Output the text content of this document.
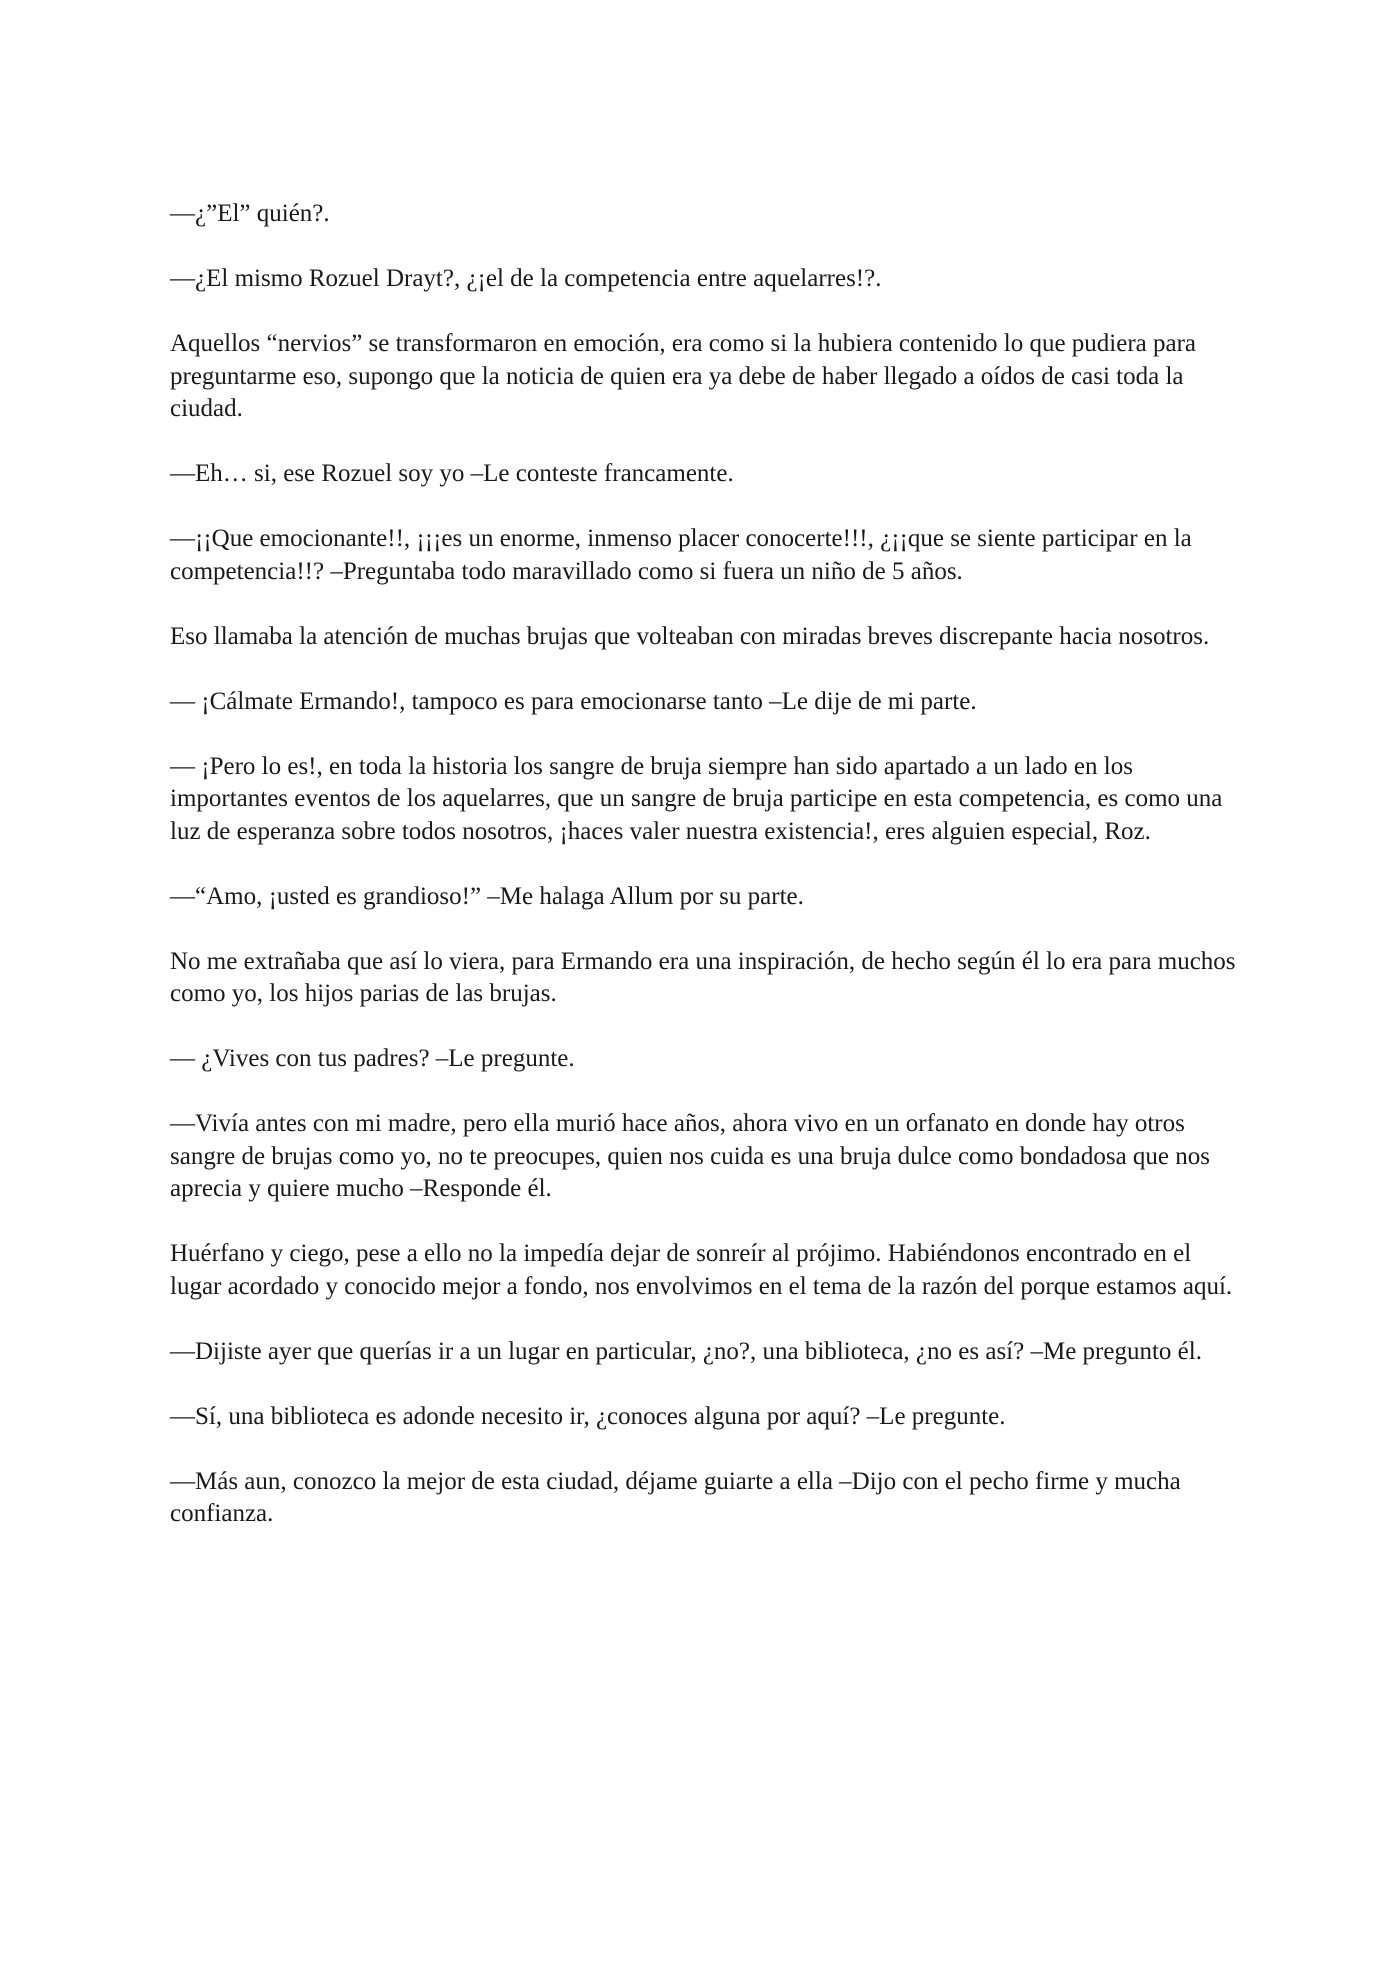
—¿”El” quién?.

—¿El mismo Rozuel Drayt?, ¿¡el de la competencia entre aquelarres!?.

Aquellos “nervios” se transformaron en emoción, era como si la hubiera contenido lo que pudiera para preguntarme eso, supongo que la noticia de quien era ya debe de haber llegado a oídos de casi toda la ciudad.

—Eh… si, ese Rozuel soy yo –Le conteste francamente.

—¡¡Que emocionante!!, ¡¡¡es un enorme, inmenso placer conocerte!!!, ¿¡¡que se siente participar en la competencia!!? –Preguntaba todo maravillado como si fuera un niño de 5 años.

Eso llamaba la atención de muchas brujas que volteaban con miradas breves discrepante hacia nosotros.

— ¡Cálmate Ermando!, tampoco es para emocionarse tanto –Le dije de mi parte.

— ¡Pero lo es!, en toda la historia los sangre de bruja siempre han sido apartado a un lado en los importantes eventos de los aquelarres, que un sangre de bruja participe en esta competencia, es como una luz de esperanza sobre todos nosotros, ¡haces valer nuestra existencia!, eres alguien especial, Roz.

—“Amo, ¡usted es grandioso!” –Me halaga Allum por su parte.

No me extrañaba que así lo viera, para Ermando era una inspiración, de hecho según él lo era para muchos como yo, los hijos parias de las brujas.

— ¿Vives con tus padres? –Le pregunte.

—Vivía antes con mi madre, pero ella murió hace años, ahora vivo en un orfanato en donde hay otros sangre de brujas como yo, no te preocupes, quien nos cuida es una bruja dulce como bondadosa que nos aprecia y quiere mucho –Responde él.

Huérfano y ciego, pese a ello no la impedía dejar de sonreír al prójimo. Habiéndonos encontrado en el lugar acordado y conocido mejor a fondo, nos envolvimos en el tema de la razón del porque estamos aquí.

—Dijiste ayer que querías ir a un lugar en particular, ¿no?, una biblioteca, ¿no es así? –Me pregunto él.

—Sí, una biblioteca es adonde necesito ir, ¿conoces alguna por aquí? –Le pregunte.

—Más aun, conozco la mejor de esta ciudad, déjame guiarte a ella –Dijo con el pecho firme y mucha confianza.
